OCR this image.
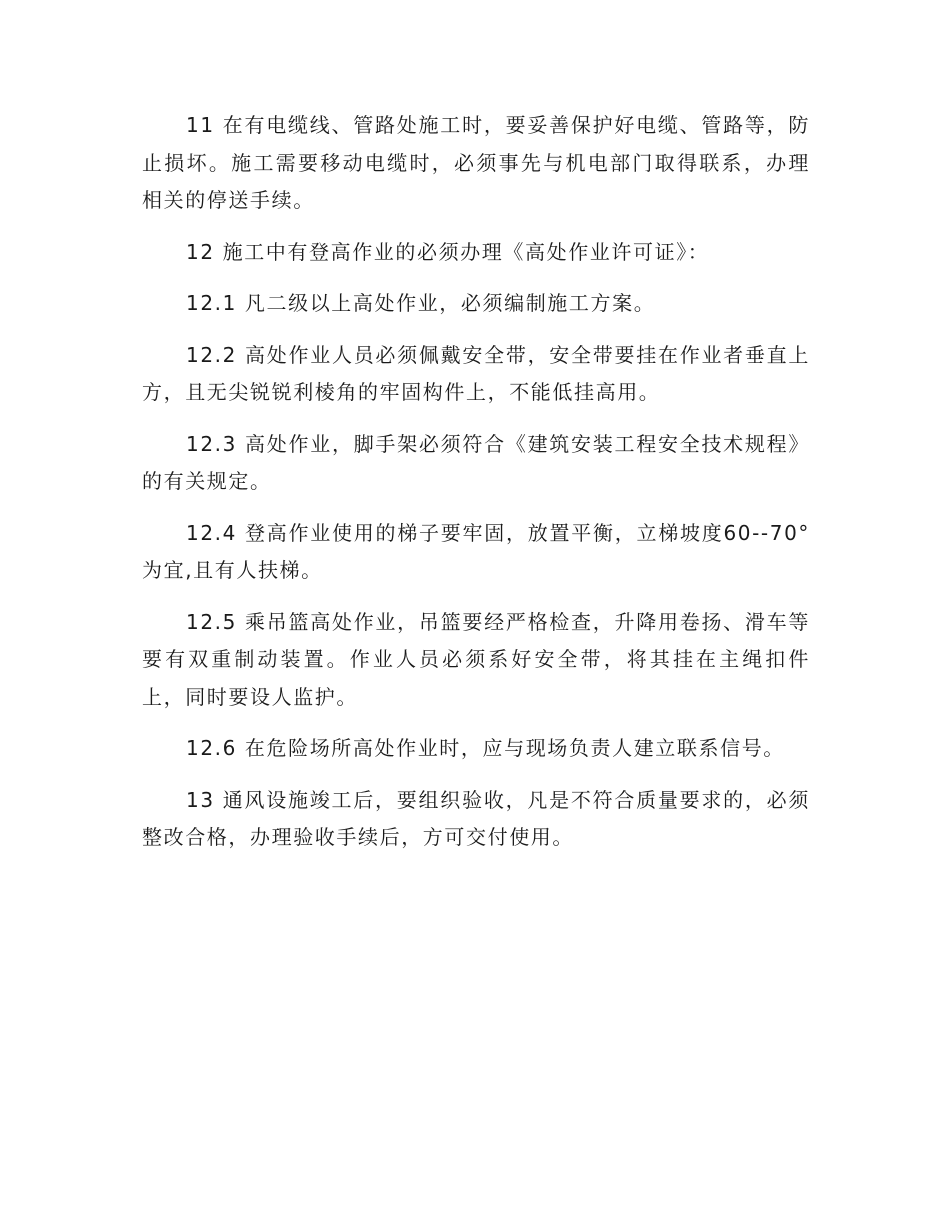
11 在有电缆线、管路处施工时，要妥善保护好电缆、管路等，防止损坏。施工需要移动电缆时，必须事先与机电部门取得联系，办理相关的停送手续。

12 施工中有登高作业的必须办理《高处作业许可证》：

12.1 凡二级以上高处作业，必须编制施工方案。

12.2 高处作业人员必须佩戴安全带，安全带要挂在作业者垂直上方，且无尖锐锐利棱角的牢固构件上，不能低挂高用。

12.3 高处作业，脚手架必须符合《建筑安装工程安全技术规程》的有关规定。

12.4 登高作业使用的梯子要牢固，放置平衡，立梯坡度60--70°为宜,且有人扶梯。

12.5 乘吊篮高处作业，吊篮要经严格检查，升降用卷扬、滑车等要有双重制动装置。作业人员必须系好安全带，将其挂在主绳扣件上，同时要设人监护。

12.6 在危险场所高处作业时，应与现场负责人建立联系信号。

13 通风设施竣工后，要组织验收，凡是不符合质量要求的，必须整改合格，办理验收手续后，方可交付使用。
